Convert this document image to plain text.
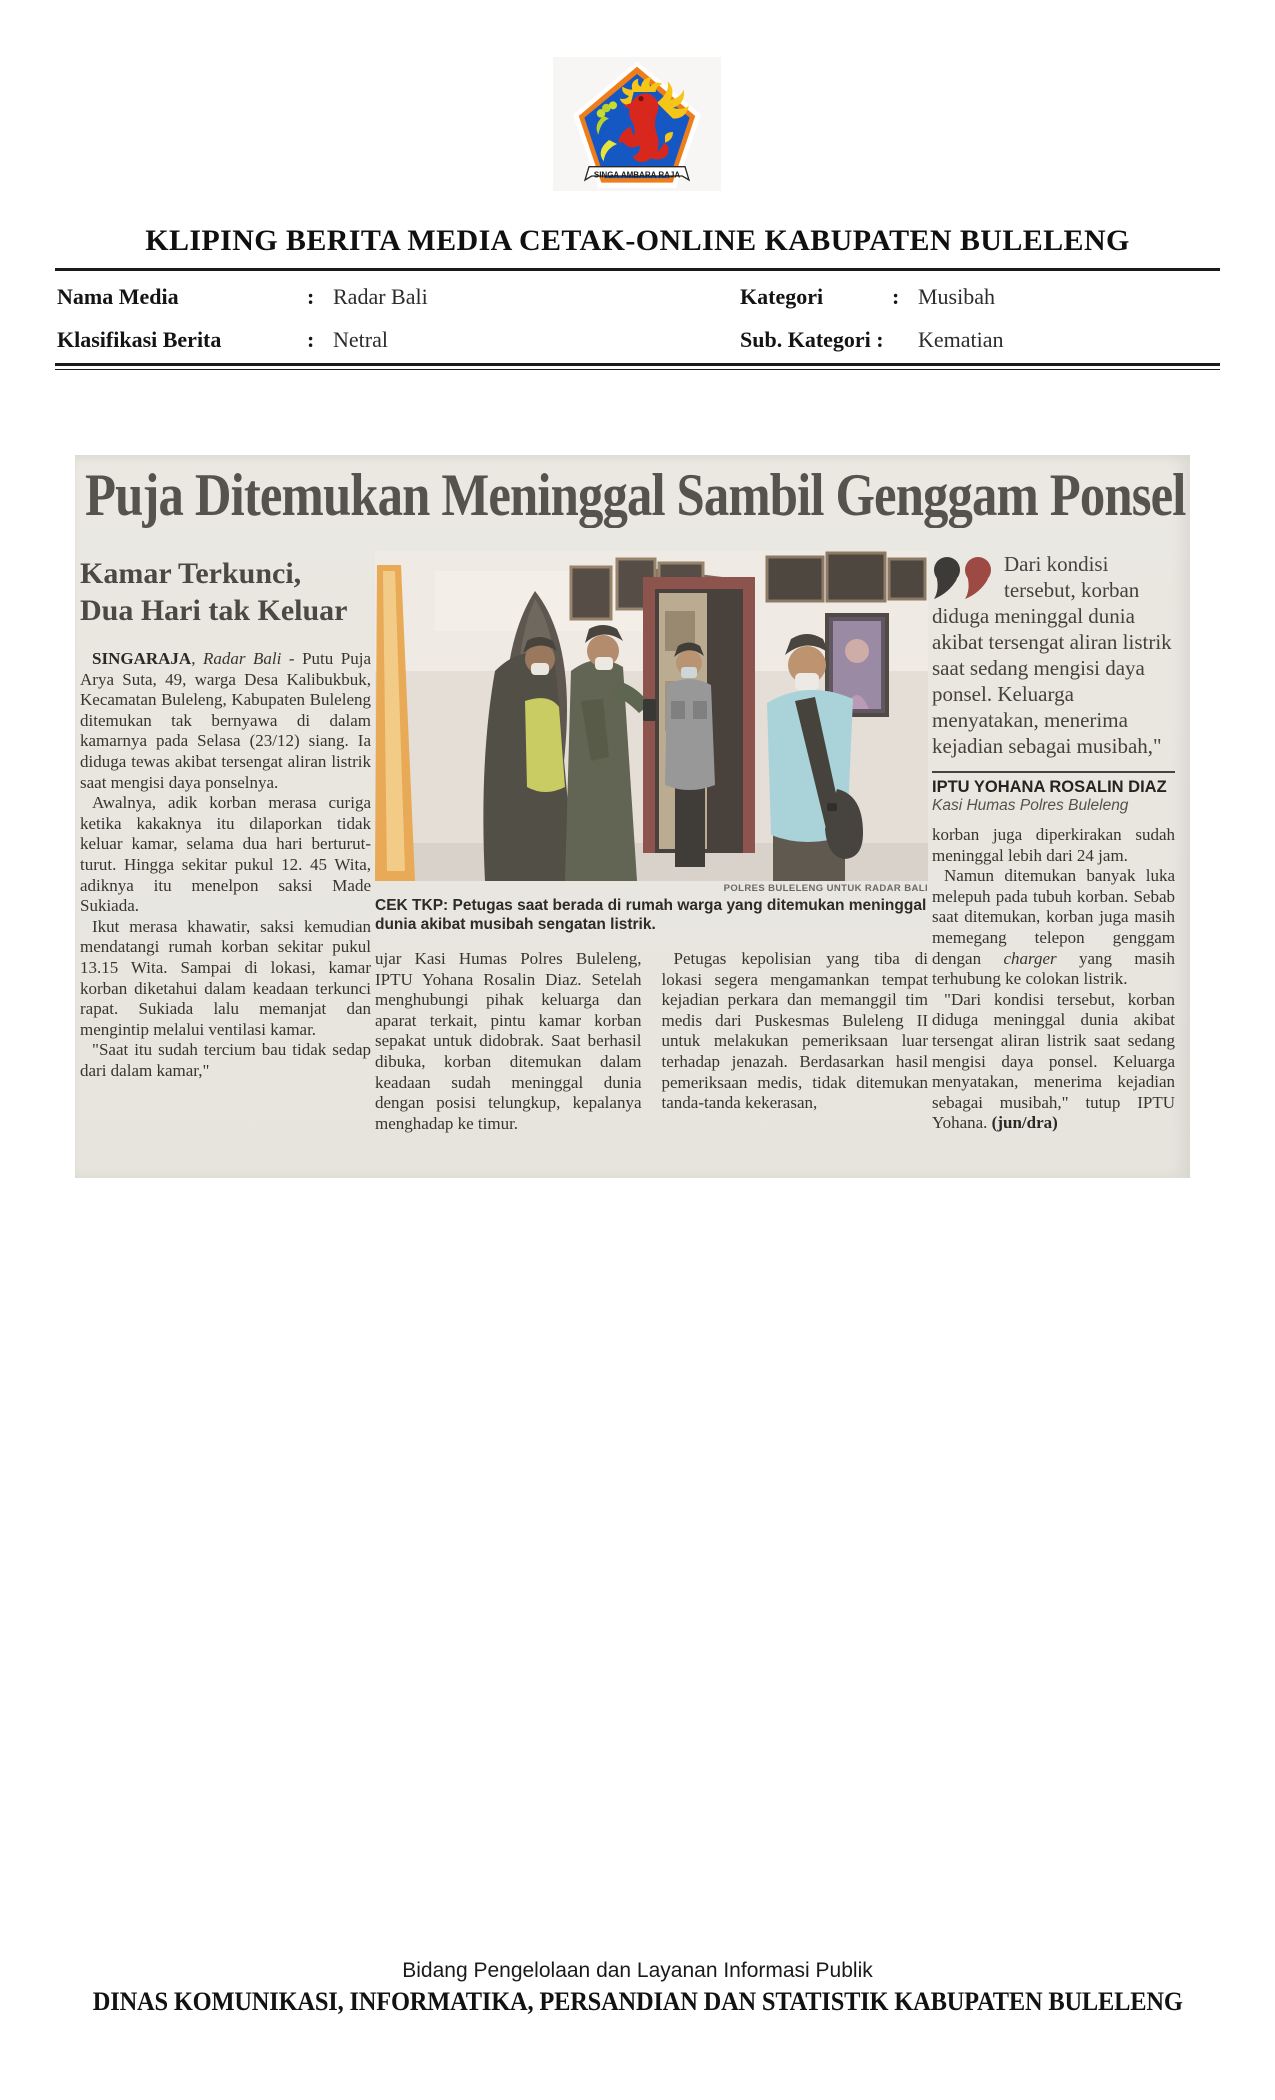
SINGA AMBARA RAJA
KLIPING BERITA MEDIA CETAK-ONLINE KABUPATEN BULELENG
Nama Media	: Radar Bali	Kategori	: Musibah
Klasifikasi Berita	: Netral	Sub. Kategori :	Kematian
Puja Ditemukan Meninggal Sambil Genggam Ponsel
Kamar Terkunci,
Dua Hari tak Keluar

SINGARAJA, Radar Bali - Putu Puja Arya Suta, 49, warga Desa Kalibukbuk, Kecamatan Buleleng, Kabupaten Buleleng ditemukan tak bernyawa di dalam kamarnya pada Selasa (23/12) siang. Ia diduga tewas akibat tersengat aliran listrik saat mengisi daya ponselnya.

Awalnya, adik korban merasa curiga ketika kakaknya itu dilaporkan tidak keluar kamar, selama dua hari berturut-turut. Hingga sekitar pukul 12. 45 Wita, adiknya itu menelpon saksi Made Sukiada.

Ikut merasa khawatir, saksi kemudian mendatangi rumah korban sekitar pukul 13.15 Wita. Sampai di lokasi, kamar korban diketahui dalam keadaan terkunci rapat. Sukiada lalu memanjat dan mengintip melalui ventilasi kamar.

"Saat itu sudah tercium bau tidak sedap dari dalam kamar,"

POLRES BULELENG UNTUK RADAR BALI
CEK TKP: Petugas saat berada di rumah warga yang ditemukan meninggal dunia akibat musibah sengatan listrik.

ujar Kasi Humas Polres Buleleng, IPTU Yohana Rosalin Diaz. Setelah menghubungi pihak keluarga dan aparat terkait, pintu kamar korban sepakat untuk didobrak. Saat berhasil dibuka, korban ditemukan dalam keadaan sudah meninggal dunia dengan posisi telungkup, kepalanya menghadap ke timur.

Petugas kepolisian yang tiba di lokasi segera mengamankan tempat kejadian perkara dan memanggil tim medis dari Puskesmas Buleleng II untuk melakukan pemeriksaan luar terhadap jenazah. Berdasarkan hasil pemeriksaan medis, tidak ditemukan tanda-tanda kekerasan,

Dari kondisi tersebut, korban diduga meninggal dunia akibat tersengat aliran listrik saat sedang mengisi daya ponsel. Keluarga menyatakan, menerima kejadian sebagai musibah,"

IPTU YOHANA ROSALIN DIAZ
Kasi Humas Polres Buleleng

korban juga diperkirakan sudah meninggal lebih dari 24 jam.

Namun ditemukan banyak luka melepuh pada tubuh korban. Sebab saat ditemukan, korban juga masih memegang telepon genggam dengan charger yang masih terhubung ke colokan listrik.

"Dari kondisi tersebut, korban diduga meninggal dunia akibat tersengat aliran listrik saat sedang mengisi daya ponsel. Keluarga menyatakan, menerima kejadian sebagai musibah," tutup IPTU Yohana. (jun/dra)

Bidang Pengelolaan dan Layanan Informasi Publik
DINAS KOMUNIKASI, INFORMATIKA, PERSANDIAN DAN STATISTIK KABUPATEN BULELENG
